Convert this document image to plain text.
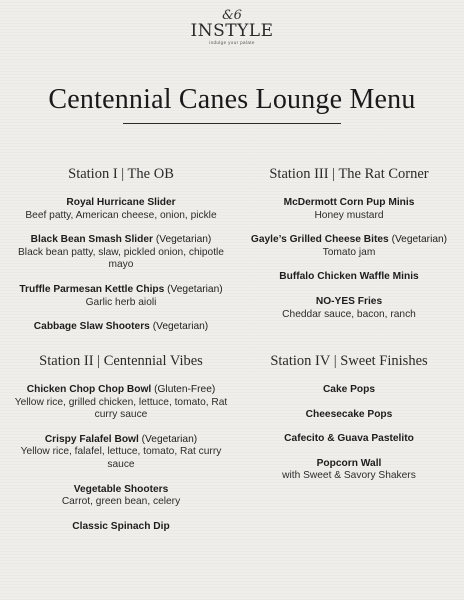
&6
INSTYLE
indulge your palate
Centennial Canes Lounge Menu
Station I | The OB
Royal Hurricane Slider
Beef patty, American cheese, onion, pickle
Black Bean Smash Slider (Vegetarian)
Black bean patty, slaw, pickled onion, chipotle mayo
Truffle Parmesan Kettle Chips (Vegetarian)
Garlic herb aioli
Cabbage Slaw Shooters (Vegetarian)
Station II | Centennial Vibes
Chicken Chop Chop Bowl (Gluten-Free)
Yellow rice, grilled chicken, lettuce, tomato, Rat curry sauce
Crispy Falafel Bowl (Vegetarian)
Yellow rice, falafel, lettuce, tomato, Rat curry sauce
Vegetable Shooters
Carrot, green bean, celery
Classic Spinach Dip
Station III | The Rat Corner
McDermott Corn Pup Minis
Honey mustard
Gayle’s Grilled Cheese Bites (Vegetarian)
Tomato jam
Buffalo Chicken Waffle Minis
NO-YES Fries
Cheddar sauce, bacon, ranch
Station IV | Sweet Finishes
Cake Pops
Cheesecake Pops
Cafecito & Guava Pastelito
Popcorn Wall
with Sweet & Savory Shakers
